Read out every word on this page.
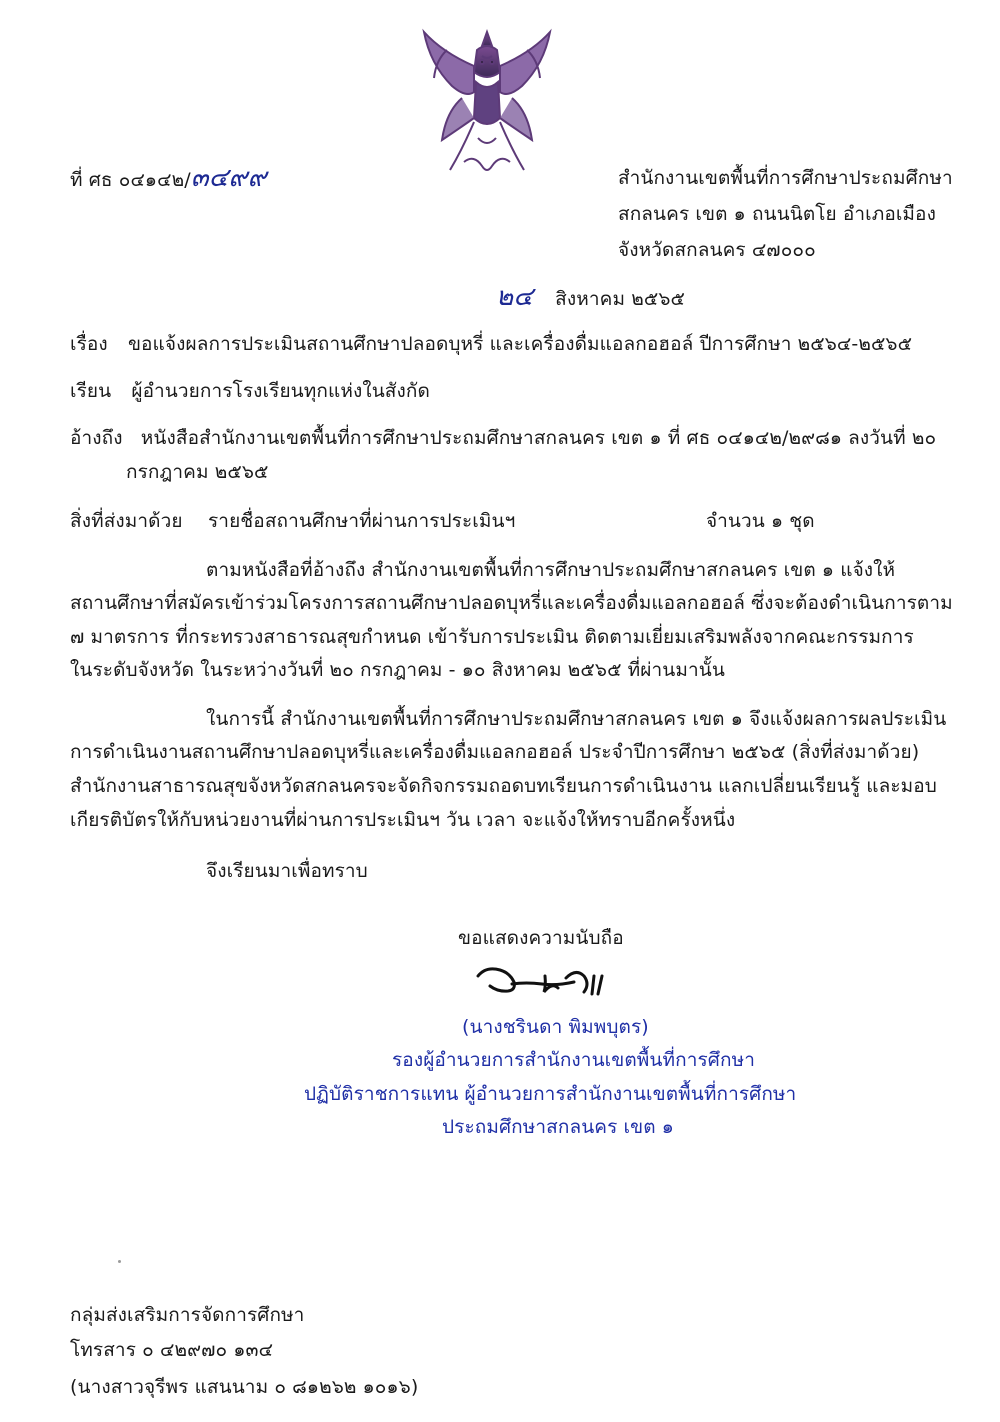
ที่ ศธ ๐๔๑๔๒/๓๔๙๙	สำนักงานเขตพื้นที่การศึกษาประถมศึกษา
สกลนคร เขต ๑ ถนนนิตโย อำเภอเมือง
จังหวัดสกลนคร ๔๗๐๐๐
๒๔ สิงหาคม ๒๕๖๕
เรื่อง ขอแจ้งผลการประเมินสถานศึกษาปลอดบุหรี่ และเครื่องดื่มแอลกอฮอล์ ปีการศึกษา ๒๕๖๔-๒๕๖๕
เรียน ผู้อำนวยการโรงเรียนทุกแห่งในสังกัด
อ้างถึง หนังสือสำนักงานเขตพื้นที่การศึกษาประถมศึกษาสกลนคร เขต ๑ ที่ ศธ ๐๔๑๔๒/๒๙๘๑ ลงวันที่ ๒๐
กรกฎาคม ๒๕๖๕
สิ่งที่ส่งมาด้วย รายชื่อสถานศึกษาที่ผ่านการประเมินฯ	จำนวน ๑ ชุด
ตามหนังสือที่อ้างถึง สำนักงานเขตพื้นที่การศึกษาประถมศึกษาสกลนคร เขต ๑ แจ้งให้
สถานศึกษาที่สมัครเข้าร่วมโครงการสถานศึกษาปลอดบุหรี่และเครื่องดื่มแอลกอฮอล์ ซึ่งจะต้องดำเนินการตาม
๗ มาตรการ ที่กระทรวงสาธารณสุขกำหนด เข้ารับการประเมิน ติดตามเยี่ยมเสริมพลังจากคณะกรรมการ
ในระดับจังหวัด ในระหว่างวันที่ ๒๐ กรกฎาคม - ๑๐ สิงหาคม ๒๕๖๕ ที่ผ่านมานั้น
ในการนี้ สำนักงานเขตพื้นที่การศึกษาประถมศึกษาสกลนคร เขต ๑ จึงแจ้งผลการผลประเมิน
การดำเนินงานสถานศึกษาปลอดบุหรี่และเครื่องดื่มแอลกอฮอล์ ประจำปีการศึกษา ๒๕๖๕ (สิ่งที่ส่งมาด้วย)
สำนักงานสาธารณสุขจังหวัดสกลนครจะจัดกิจกรรมถอดบทเรียนการดำเนินงาน แลกเปลี่ยนเรียนรู้ และมอบ
เกียรติบัตรให้กับหน่วยงานที่ผ่านการประเมินฯ วัน เวลา จะแจ้งให้ทราบอีกครั้งหนึ่ง
จึงเรียนมาเพื่อทราบ
ขอแสดงความนับถือ
(นางชรินดา พิมพบุตร)
รองผู้อำนวยการสำนักงานเขตพื้นที่การศึกษา
ปฏิบัติราชการแทน ผู้อำนวยการสำนักงานเขตพื้นที่การศึกษา
ประถมศึกษาสกลนคร เขต ๑
กลุ่มส่งเสริมการจัดการศึกษา
โทรสาร ๐ ๔๒๙๗๐ ๑๓๔
(นางสาวจุรีพร แสนนาม ๐ ๘๑๒๖๒ ๑๐๑๖)
